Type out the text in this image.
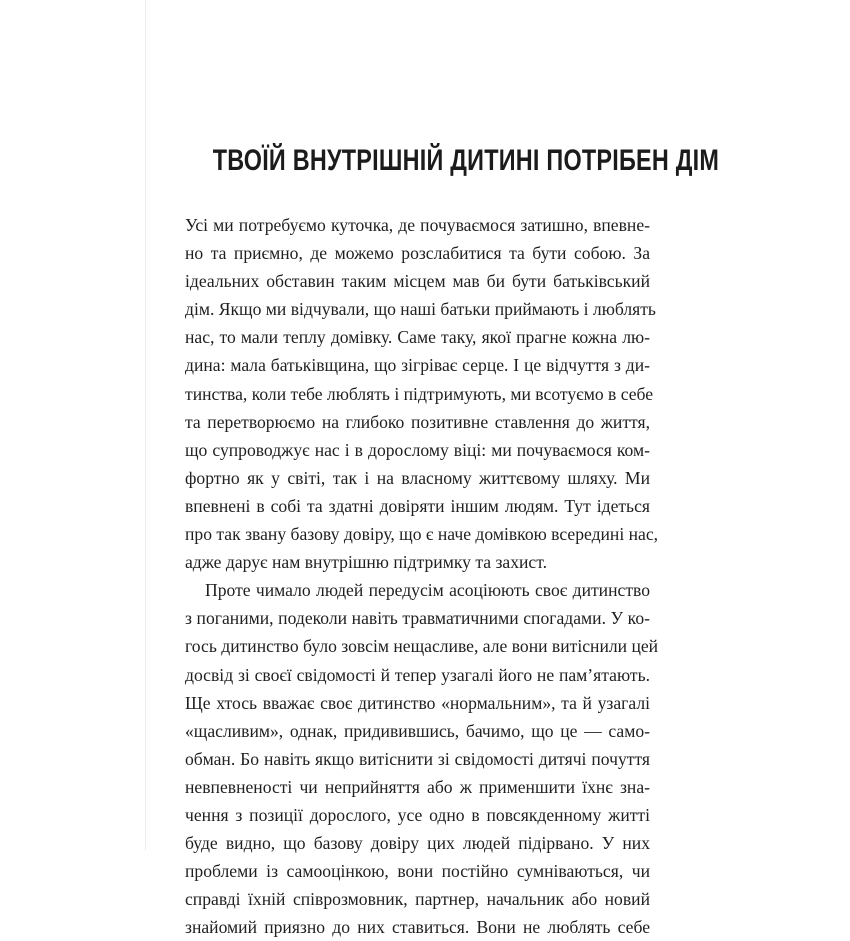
ТВОЇЙ ВНУТРІШНІЙ ДИТИНІ ПОТРІБЕН ДІМ
Усі ми потребуємо куточка, де почуваємося затишно, впевне-
но та приємно, де можемо розслабитися та бути собою. За
ідеальних обставин таким місцем мав би бути батьківський
дім. Якщо ми відчували, що наші батьки приймають і люблять
нас, то мали теплу домівку. Саме таку, якої прагне кожна лю-
дина: мала батьківщина, що зігріває серце. І це відчуття з ди-
тинства, коли тебе люблять і підтримують, ми всотуємо в себе
та перетворюємо на глибоко позитивне ставлення до життя,
що супроводжує нас і в дорослому віці: ми почуваємося ком-
фортно як у світі, так і на власному життєвому шляху. Ми
впевнені в собі та здатні довіряти іншим людям. Тут ідеться
про так звану базову довіру, що є наче домівкою всередині нас,
адже дарує нам внутрішню підтримку та захист.
Проте чимало людей передусім асоціюють своє дитинство
з поганими, подеколи навіть травматичними спогадами. У ко-
гось дитинство було зовсім нещасливе, але вони витіснили цей
досвід зі своєї свідомості й тепер узагалі його не пам’ятають.
Ще хтось вважає своє дитинство «нормальним», та й узагалі
«щасливим», однак, придивившись, бачимо, що це — само-
обман. Бо навіть якщо витіснити зі свідомості дитячі почуття
невпевненості чи неприйняття або ж применшити їхнє зна-
чення з позиції дорослого, усе одно в повсякденному житті
буде видно, що базову довіру цих людей підірвано. У них
проблеми із самооцінкою, вони постійно сумніваються, чи
справді їхній співрозмовник, партнер, начальник або новий
знайомий приязно до них ставиться. Вони не люблять себе
